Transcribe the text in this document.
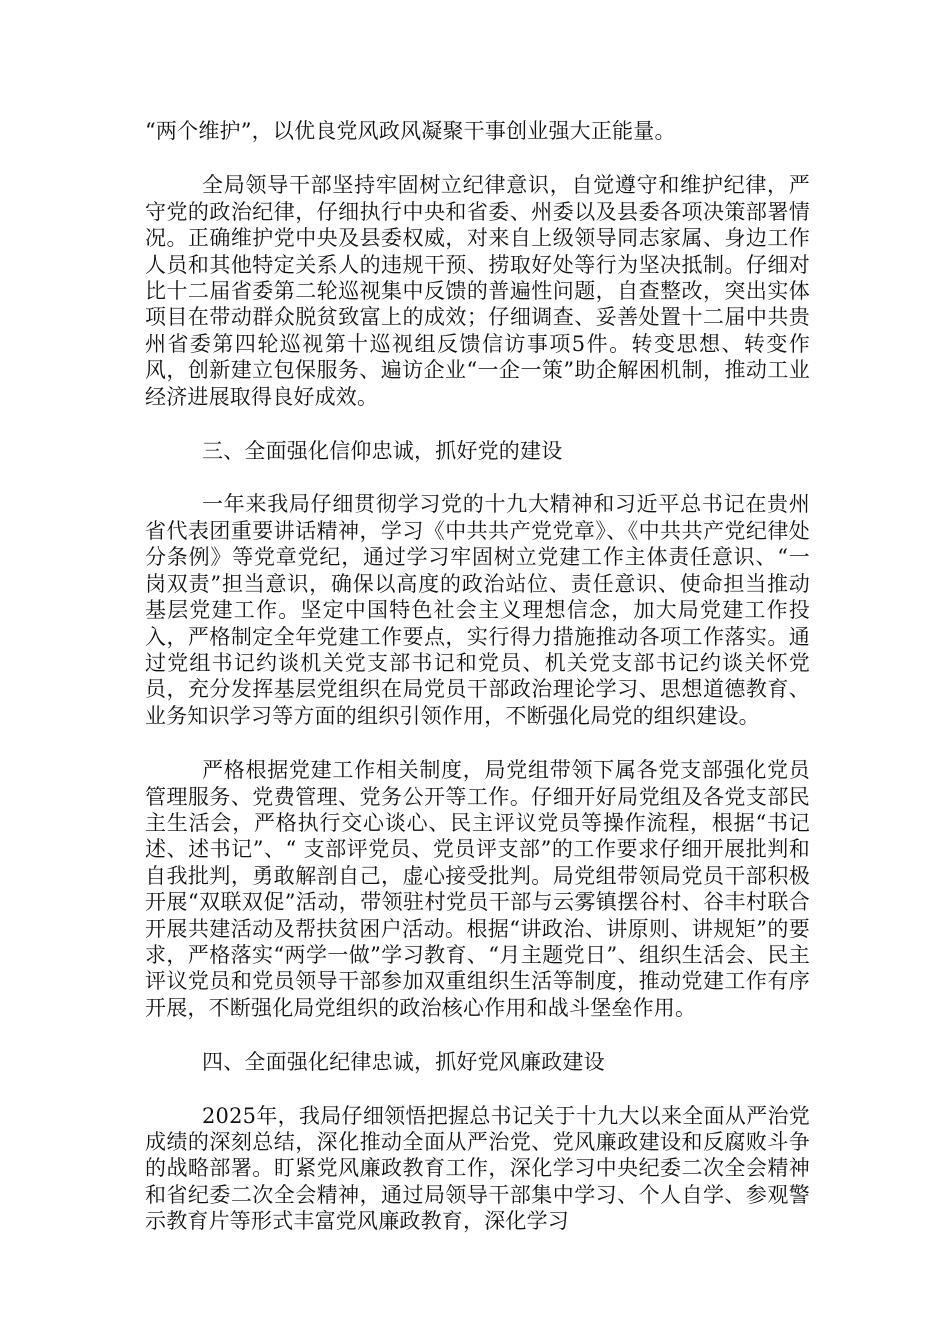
“两个维护”，以优良党风政风凝聚干事创业强大正能量。

全局领导干部坚持牢固树立纪律意识，自觉遵守和维护纪律，严守党的政治纪律，仔细执行中央和省委、州委以及县委各项决策部署情况。正确维护党中央及县委权威，对来自上级领导同志家属、身边工作人员和其他特定关系人的违规干预、捞取好处等行为坚决抵制。仔细对比十二届省委第二轮巡视集中反馈的普遍性问题，自查整改，突出实体项目在带动群众脱贫致富上的成效；仔细调查、妥善处置十二届中共贵州省委第四轮巡视第十巡视组反馈信访事项5件。转变思想、转变作风，创新建立包保服务、遍访企业“一企一策”助企解困机制，推动工业经济进展取得良好成效。

三、全面强化信仰忠诚，抓好党的建设

一年来我局仔细贯彻学习党的十九大精神和习近平总书记在贵州省代表团重要讲话精神，学习《中共共产党党章》、《中共共产党纪律处分条例》等党章党纪，通过学习牢固树立党建工作主体责任意识、“一岗双责”担当意识，确保以高度的政治站位、责任意识、使命担当推动基层党建工作。坚定中国特色社会主义理想信念，加大局党建工作投入，严格制定全年党建工作要点，实行得力措施推动各项工作落实。通过党组书记约谈机关党支部书记和党员、机关党支部书记约谈关怀党员，充分发挥基层党组织在局党员干部政治理论学习、思想道德教育、业务知识学习等方面的组织引领作用，不断强化局党的组织建设。

严格根据党建工作相关制度，局党组带领下属各党支部强化党员管理服务、党费管理、党务公开等工作。仔细开好局党组及各党支部民主生活会，严格执行交心谈心、民主评议党员等操作流程，根据“书记述、述书记”、“ 支部评党员、党员评支部”的工作要求仔细开展批判和自我批判，勇敢解剖自己，虚心接受批判。局党组带领局党员干部积极开展“双联双促”活动，带领驻村党员干部与云雾镇摆谷村、谷丰村联合开展共建活动及帮扶贫困户活动。根据“讲政治、讲原则、讲规矩”的要求，严格落实“两学一做”学习教育、“月主题党日”、组织生活会、民主评议党员和党员领导干部参加双重组织生活等制度，推动党建工作有序开展，不断强化局党组织的政治核心作用和战斗堡垒作用。

四、全面强化纪律忠诚，抓好党风廉政建设

2025年，我局仔细领悟把握总书记关于十九大以来全面从严治党成绩的深刻总结，深化推动全面从严治党、党风廉政建设和反腐败斗争的战略部署。盯紧党风廉政教育工作，深化学习中央纪委二次全会精神和省纪委二次全会精神，通过局领导干部集中学习、个人自学、参观警示教育片等形式丰富党风廉政教育，深化学习
